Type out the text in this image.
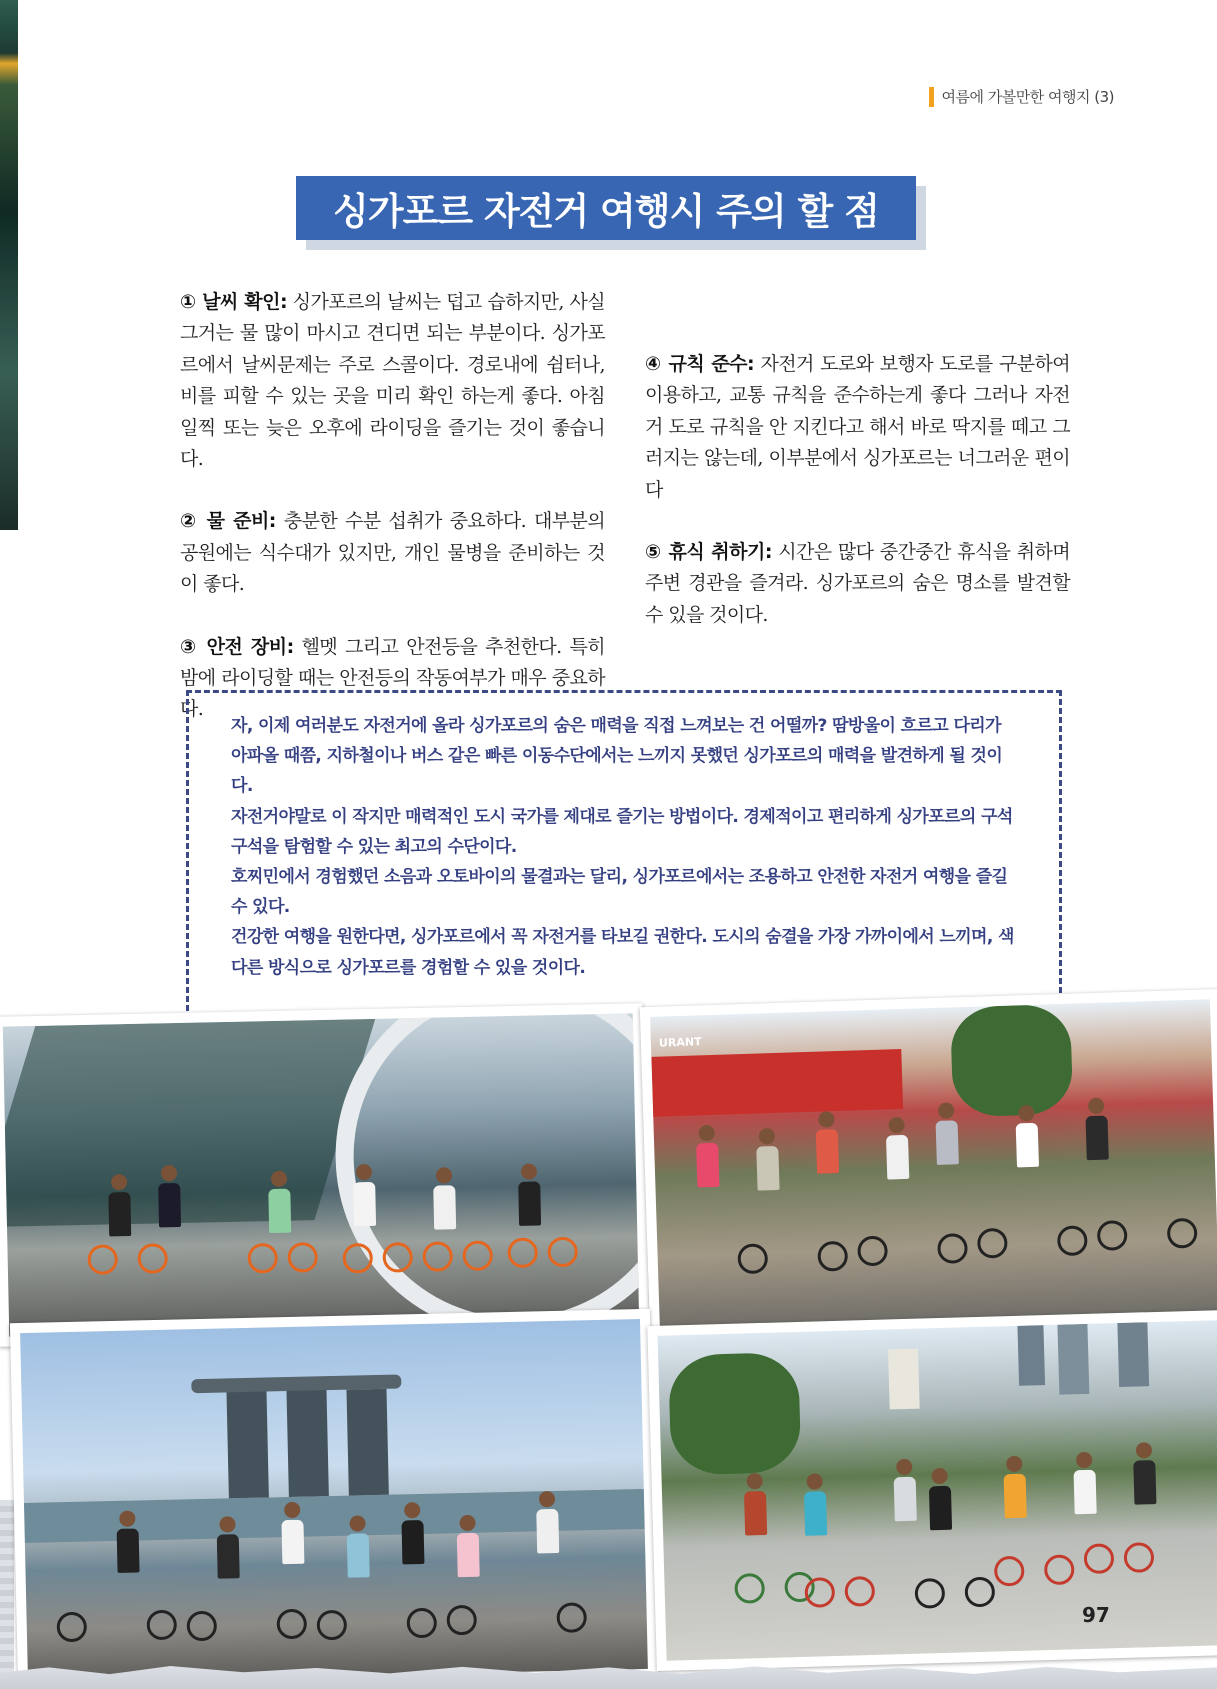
여름에 가볼만한 여행지 (3)
싱가포르 자전거 여행시 주의 할 점

① 날씨 확인: 싱가포르의 날씨는 덥고 습하지만, 사실 그거는 물 많이 마시고 견디면 되는 부분이다. 싱가포르에서 날씨문제는 주로 스콜이다. 경로내에 쉼터나, 비를 피할 수 있는 곳을 미리 확인 하는게 좋다. 아침 일찍 또는 늦은 오후에 라이딩을 즐기는 것이 좋습니다.

② 물 준비: 충분한 수분 섭취가 중요하다. 대부분의 공원에는 식수대가 있지만, 개인 물병을 준비하는 것이 좋다.

③ 안전 장비: 헬멧 그리고 안전등을 추천한다. 특히 밤에 라이딩할 때는 안전등의 작동여부가 매우 중요하다.

④ 규칙 준수: 자전거 도로와 보행자 도로를 구분하여 이용하고, 교통 규칙을 준수하는게 좋다 그러나 자전거 도로 규칙을 안 지킨다고 해서 바로 딱지를 떼고 그러지는 않는데, 이부분에서 싱가포르는 너그러운 편이다

⑤ 휴식 취하기: 시간은 많다 중간중간 휴식을 취하며 주변 경관을 즐겨라. 싱가포르의 숨은 명소를 발견할 수 있을 것이다.

자, 이제 여러분도 자전거에 올라 싱가포르의 숨은 매력을 직접 느껴보는 건 어떨까? 땀방울이 흐르고 다리가 아파올 때쯤, 지하철이나 버스 같은 빠른 이동수단에서는 느끼지 못했던 싱가포르의 매력을 발견하게 될 것이다.

자전거야말로 이 작지만 매력적인 도시 국가를 제대로 즐기는 방법이다. 경제적이고 편리하게 싱가포르의 구석구석을 탐험할 수 있는 최고의 수단이다.

호찌민에서 경험했던 소음과 오토바이의 물결과는 달리, 싱가포르에서는 조용하고 안전한 자전거 여행을 즐길 수 있다.

건강한 여행을 원한다면, 싱가포르에서 꼭 자전거를 타보길 권한다. 도시의 숨결을 가장 가까이에서 느끼며, 색다른 방식으로 싱가포르를 경험할 수 있을 것이다.

URANT
97
